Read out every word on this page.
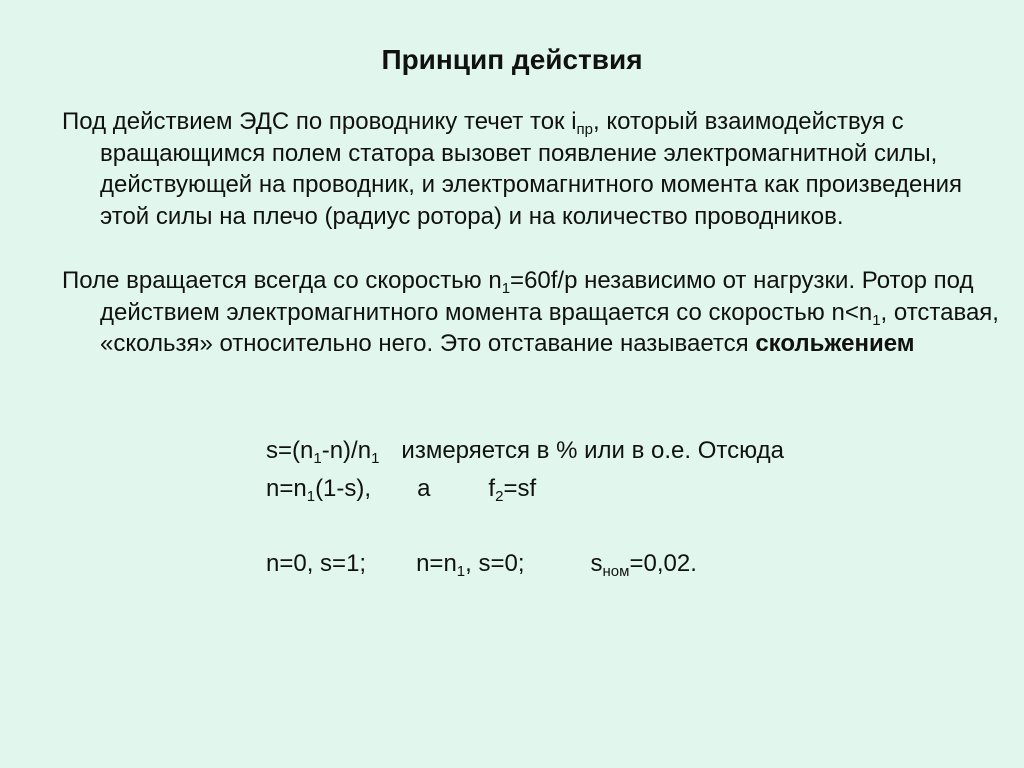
Принцип действия
Под действием ЭДС по проводнику течет ток $i_{пр}$, который взаимодействуя с вращающимся полем статора вызовет появление электромагнитной силы, действующей на проводник, и электромагнитного момента как произведения этой силы на плечо (радиус ротора) и на количество проводников.
Поле вращается всегда со скоростью $n_1=60f/p$ независимо от нагрузки. Ротор под действием электромагнитного момента вращается со скоростью $n<n_1$, отставая, «скользя» относительно него. Это отставание называется скольжением
$s=(n_1-n)/n_1$ измеряется в % или в о.е. Отсюда
$n=n_1(1-s)$, а $f_2=sf$
n=0, s=1; $n=n_1$, s=0;	$s_{ном}=0,02$.
